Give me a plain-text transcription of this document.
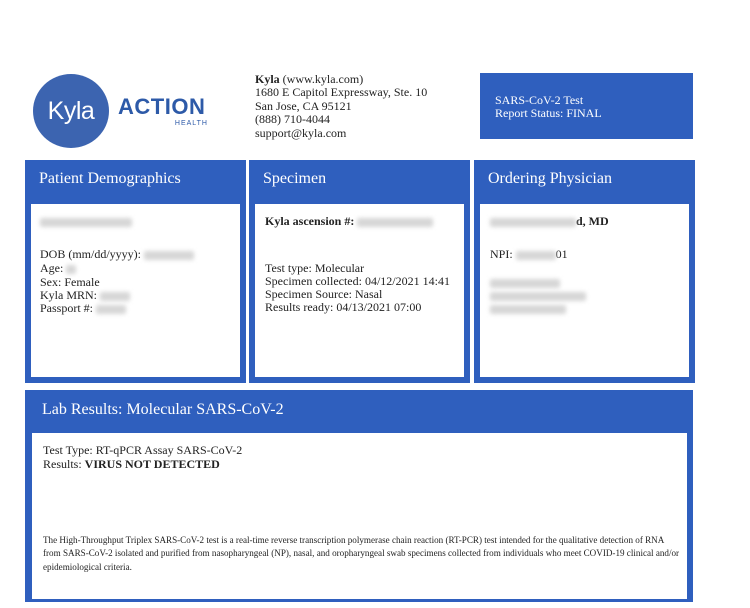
Kyla ACTION
HEALTH
Kyla (www.kyla.com)
1680 E Capitol Expressway, Ste. 10
San Jose, CA 95121
(888) 710-4044
support@kyla.com
SARS-CoV-2 Test
Report Status: FINAL
Patient Demographics
DOB (mm/dd/yyyy):
Age:
Sex: Female
Kyla MRN:
Passport #:
Specimen
Kyla ascension #:
Test type: Molecular
Specimen collected: 04/12/2021 14:41
Specimen Source: Nasal
Results ready: 04/13/2021 07:00
Ordering Physician
d, MD
NPI:	01
Lab Results: Molecular SARS-CoV-2
Test Type: RT-qPCR Assay SARS-CoV-2
Results: VIRUS NOT DETECTED
The High-Throughput Triplex SARS-CoV-2 test is a real-time reverse transcription polymerase chain reaction (RT-PCR) test intended for the qualitative detection of RNA from SARS-CoV-2 isolated and purified from nasopharyngeal (NP), nasal, and oropharyngeal swab specimens collected from individuals who meet COVID-19 clinical and/or epidemiological criteria.
